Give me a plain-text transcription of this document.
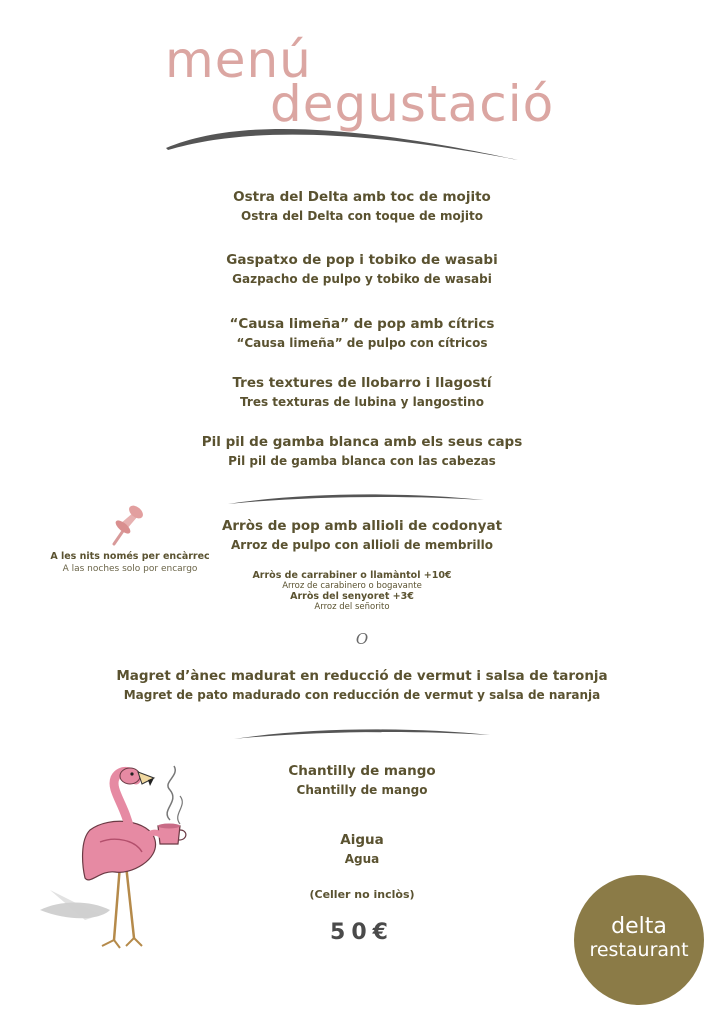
menú
degustació
Ostra del Delta amb toc de mojito
Ostra del Delta con toque de mojito
Gaspatxo de pop i tobiko de wasabi
Gazpacho de pulpo y tobiko de wasabi
“Causa limeña” de pop amb cítrics
“Causa limeña” de pulpo con cítricos
Tres textures de llobarro i llagostí
Tres texturas de lubina y langostino
Pil pil de gamba blanca amb els seus caps
Pil pil de gamba blanca con las cabezas
Arròs de pop amb allioli de codonyat
Arroz de pulpo con allioli de membrillo
Arròs de carrabiner o llamàntol +10€
Arroz de carabinero o bogavante
Arròs del senyoret +3€
Arroz del señorito
A les nits només per encàrrec
A las noches solo por encargo
O
Magret d’ànec madurat en reducció de vermut i salsa de taronja
Magret de pato madurado con reducción de vermut y salsa de naranja
Chantilly de mango
Chantilly de mango
Aigua
Agua
(Celler no inclòs)
50€	delta
restaurant
